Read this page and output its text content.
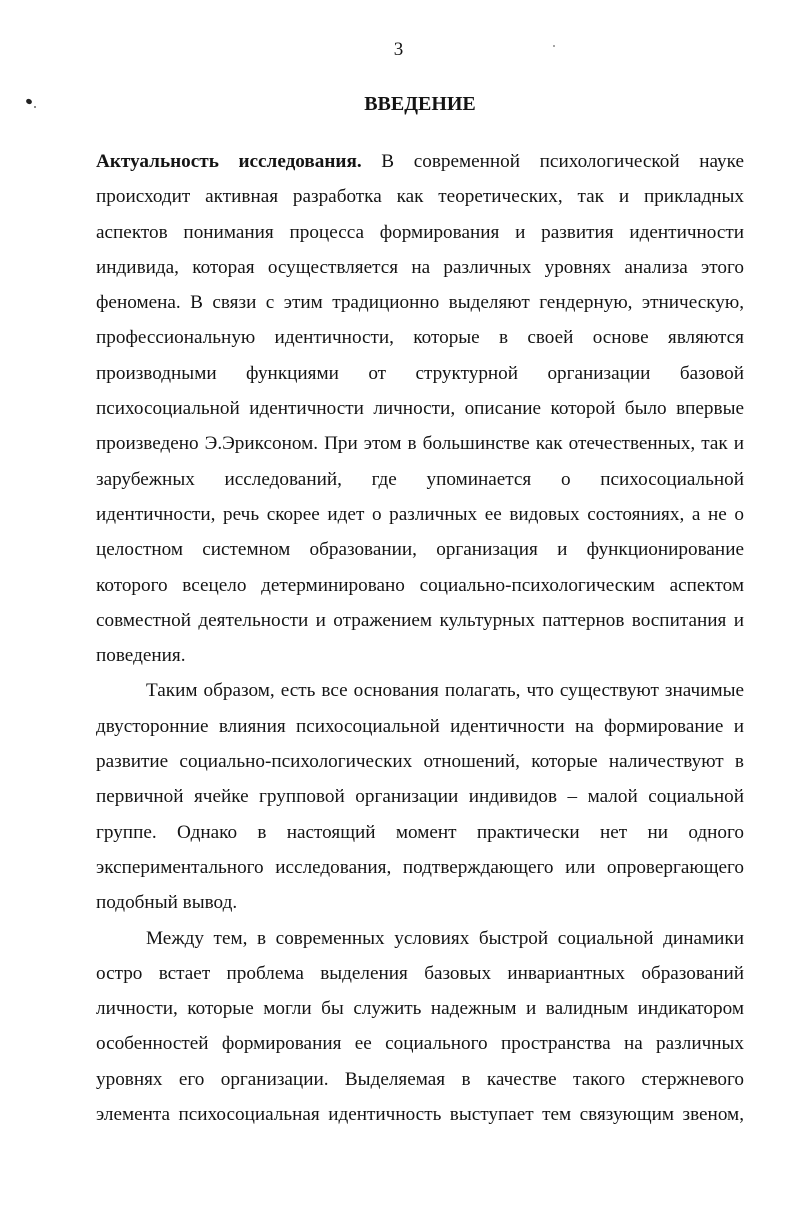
3
ВВЕДЕНИЕ
Актуальность исследования. В современной психологической науке
происходит активная разработка как теоретических, так и прикладных
аспектов понимания процесса формирования и развития идентичности
индивида, которая осуществляется на различных уровнях анализа этого
феномена. В связи с этим традиционно выделяют гендерную, этническую,
профессиональную идентичности, которые в своей основе являются
производными функциями от структурной организации базовой
психосоциальной идентичности личности, описание которой было впервые
произведено Э.Эриксоном. При этом в большинстве как отечественных, так и
зарубежных исследований, где упоминается о психосоциальной
идентичности, речь скорее идет о различных ее видовых состояниях, а не о
целостном системном образовании, организация и функционирование
которого всецело детерминировано социально-психологическим аспектом
совместной деятельности и отражением культурных паттернов воспитания и
поведения.
Таким образом, есть все основания полагать, что существуют значимые
двусторонние влияния психосоциальной идентичности на формирование и
развитие социально-психологических отношений, которые наличествуют в
первичной ячейке групповой организации индивидов – малой социальной
группе. Однако в настоящий момент практически нет ни одного
экспериментального исследования, подтверждающего или опровергающего
подобный вывод.
Между тем, в современных условиях быстрой социальной динамики
остро встает проблема выделения базовых инвариантных образований
личности, которые могли бы служить надежным и валидным индикатором
особенностей формирования ее социального пространства на различных
уровнях его организации. Выделяемая в качестве такого стержневого
элемента психосоциальная идентичность выступает тем связующим звеном,
